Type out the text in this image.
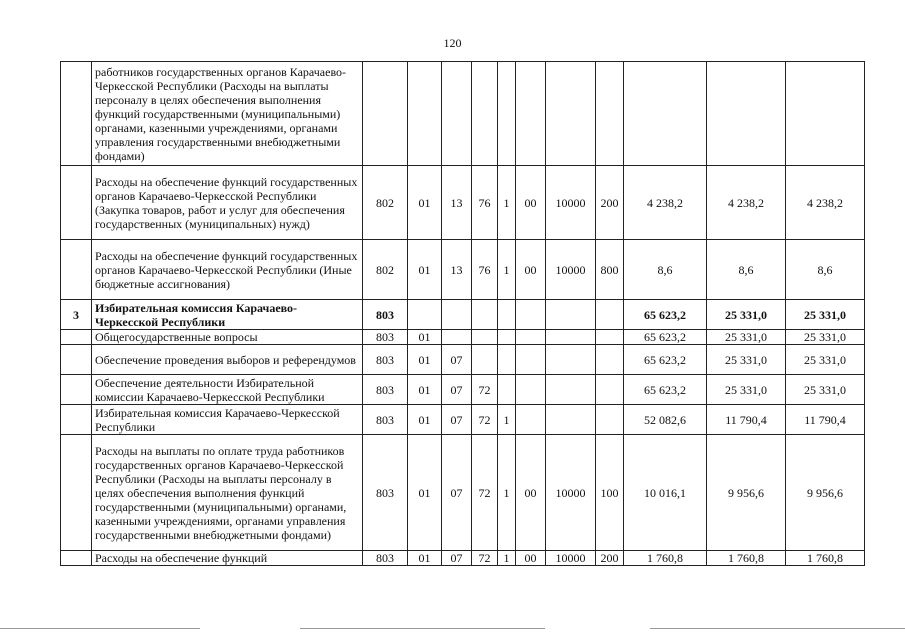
120
	работников государственных органов Карачаево-Черкесской Республики (Расходы на выплаты персоналу в целях обеспечения выполнения функций государственными (муниципальными) органами, казенными учреждениями, органами управления государственными внебюджетными фондами)											
	Расходы на обеспечение функций государственных органов Карачаево-Черкесской Республики (Закупка товаров, работ и услуг для обеспечения государственных (муниципальных) нужд)	802	01	13	76	1	00	10000	200	4 238,2	4 238,2	4 238,2
	Расходы на обеспечение функций государственных органов Карачаево-Черкесской Республики (Иные бюджетные ассигнования)	802	01	13	76	1	00	10000	800	8,6	8,6	8,6
3	Избирательная комиссия Карачаево-Черкесской Республики	803								65 623,2	25 331,0	25 331,0
	Общегосударственные вопросы	803	01							65 623,2	25 331,0	25 331,0
	Обеспечение проведения выборов и референдумов	803	01	07						65 623,2	25 331,0	25 331,0
	Обеспечение деятельности Избирательной комиссии Карачаево-Черкесской Республики	803	01	07	72					65 623,2	25 331,0	25 331,0
	Избирательная комиссия Карачаево-Черкесской Республики	803	01	07	72	1				52 082,6	11 790,4	11 790,4
	Расходы на выплаты по оплате труда работников государственных органов Карачаево-Черкесской Республики (Расходы на выплаты персоналу в целях обеспечения выполнения функций государственными (муниципальными) органами, казенными учреждениями, органами управления государственными внебюджетными фондами)	803	01	07	72	1	00	10000	100	10 016,1	9 956,6	9 956,6
	Расходы на обеспечение функций	803	01	07	72	1	00	10000	200	1 760,8	1 760,8	1 760,8
